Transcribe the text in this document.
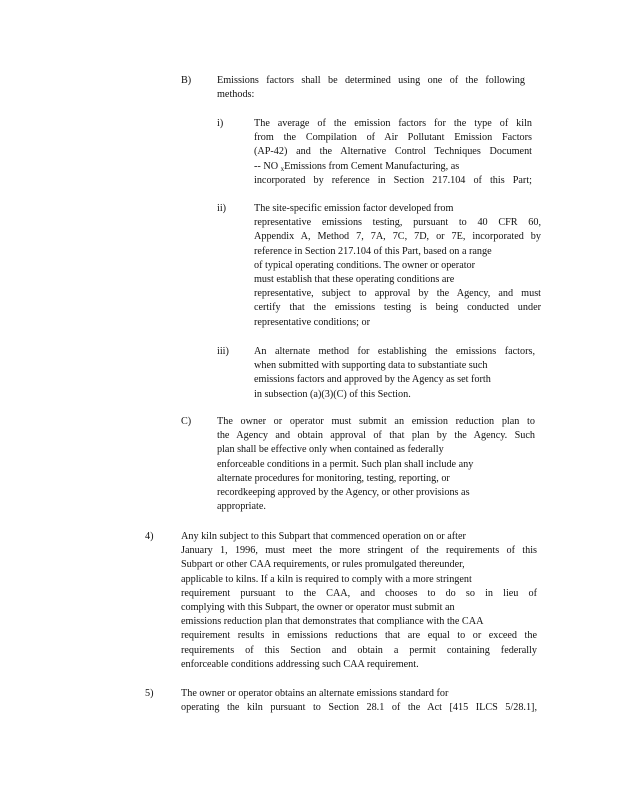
B)	Emissions factors shall be determined using one of the following
methods:
i)	The average of the emission factors for the type of kiln
from the Compilation of Air Pollutant Emission Factors
(AP-42) and the Alternative Control Techniques Document
-- NO $_x$Emissions from Cement Manufacturing, as
incorporated by reference in Section 217.104 of this Part;
ii)	The site-specific emission factor developed from
representative emissions testing, pursuant to 40 CFR 60,
Appendix A, Method 7, 7A, 7C, 7D, or 7E, incorporated by
reference in Section 217.104 of this Part, based on a range
of typical operating conditions. The owner or operator
must establish that these operating conditions are
representative, subject to approval by the Agency, and must
certify that the emissions testing is being conducted under
representative conditions; or
iii) An alternate method for establishing the emissions factors,
when submitted with supporting data to substantiate such
emissions factors and approved by the Agency as set forth
in subsection (a)(3)(C) of this Section.
C)	The owner or operator must submit an emission reduction plan to
the Agency and obtain approval of that plan by the Agency. Such
plan shall be effective only when contained as federally
enforceable conditions in a permit. Such plan shall include any
alternate procedures for monitoring, testing, reporting, or
recordkeeping approved by the Agency, or other provisions as
appropriate.
4)	Any kiln subject to this Subpart that commenced operation on or after
January 1, 1996, must meet the more stringent of the requirements of this
Subpart or other CAA requirements, or rules promulgated thereunder,
applicable to kilns. If a kiln is required to comply with a more stringent
requirement pursuant to the CAA, and chooses to do so in lieu of
complying with this Subpart, the owner or operator must submit an
emissions reduction plan that demonstrates that compliance with the CAA
requirement results in emissions reductions that are equal to or exceed the
requirements of this Section and obtain a permit containing federally
enforceable conditions addressing such CAA requirement.
5)	The owner or operator obtains an alternate emissions standard for
operating the kiln pursuant to Section 28.1 of the Act [415 ILCS 5/28.1],
